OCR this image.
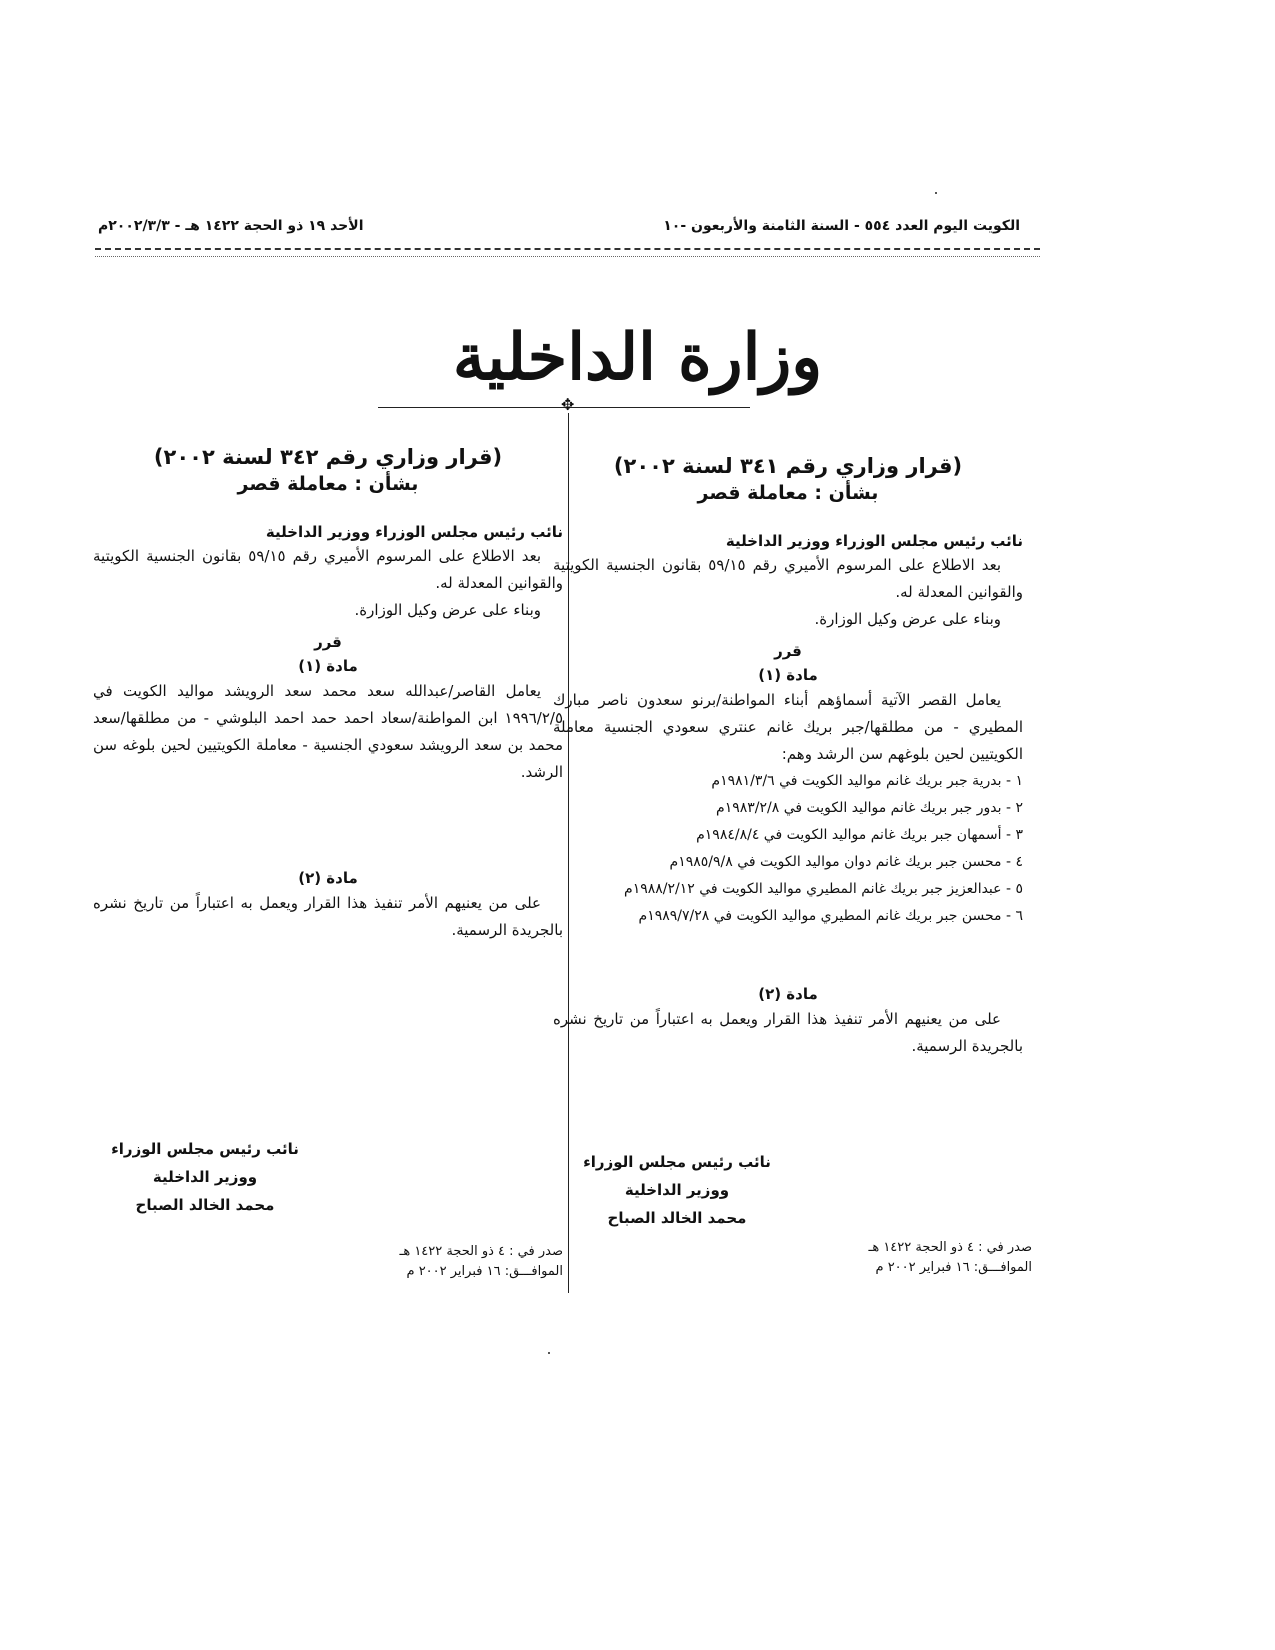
الكويت اليوم العدد ٥٥٤ - السنة الثامنة والأربعون -١٠
الأحد ١٩ ذو الحجة ١٤٢٢ هـ - ٢٠٠٢/٣/٣م
وزارة الداخلية
✥
(قرار وزاري رقم ٣٤١ لسنة ٢٠٠٢)
بشأن : معاملة قصر
نائب رئيس مجلس الوزراء ووزير الداخلية
بعد الاطلاع على المرسوم الأميري رقم ٥٩/١٥ بقانون الجنسية الكويتية والقوانين المعدلة له.
وبناء على عرض وكيل الوزارة.
قرر
مادة (١)
يعامل القصر الآتية أسماؤهم أبناء المواطنة/برنو سعدون ناصر مبارك المطيري - من مطلقها/جبر بريك غانم عنتري سعودي الجنسية معاملة الكويتيين لحين بلوغهم سن الرشد وهم:
١ - بدرية جبر بريك غانم مواليد الكويت في ١٩٨١/٣/٦م
٢ - بدور جبر بريك غانم مواليد الكويت في ١٩٨٣/٢/٨م
٣ - أسمهان جبر بريك غانم مواليد الكويت في ١٩٨٤/٨/٤م
٤ - محسن جبر بريك غانم دوان مواليد الكويت في ١٩٨٥/٩/٨م
٥ - عبدالعزيز جبر بريك غانم المطيري مواليد الكويت في ١٩٨٨/٢/١٢م
٦ - محسن جبر بريك غانم المطيري مواليد الكويت في ١٩٨٩/٧/٢٨م
مادة (٢)
على من يعنيهم الأمر تنفيذ هذا القرار ويعمل به اعتباراً من تاريخ نشره بالجريدة الرسمية.
نائب رئيس مجلس الوزراء
ووزير الداخلية
محمد الخالد الصباح
صدر في : ٤ ذو الحجة ١٤٢٢ هـ
الموافـــق: ١٦ فبراير ٢٠٠٢ م
(قرار وزاري رقم ٣٤٢ لسنة ٢٠٠٢)
بشأن : معاملة قصر
نائب رئيس مجلس الوزراء ووزير الداخلية
بعد الاطلاع على المرسوم الأميري رقم ٥٩/١٥ بقانون الجنسية الكويتية والقوانين المعدلة له.
وبناء على عرض وكيل الوزارة.
قرر
مادة (١)
يعامل القاصر/عبدالله سعد محمد سعد الرويشد مواليد الكويت في ١٩٩٦/٢/٥ ابن المواطنة/سعاد احمد حمد احمد البلوشي - من مطلقها/سعد محمد بن سعد الرويشد سعودي الجنسية - معاملة الكويتيين لحين بلوغه سن الرشد.
مادة (٢)
على من يعنيهم الأمر تنفيذ هذا القرار ويعمل به اعتباراً من تاريخ نشره بالجريدة الرسمية.
نائب رئيس مجلس الوزراء
ووزير الداخلية
محمد الخالد الصباح
صدر في : ٤ ذو الحجة ١٤٢٢ هـ
الموافـــق: ١٦ فبراير ٢٠٠٢ م
